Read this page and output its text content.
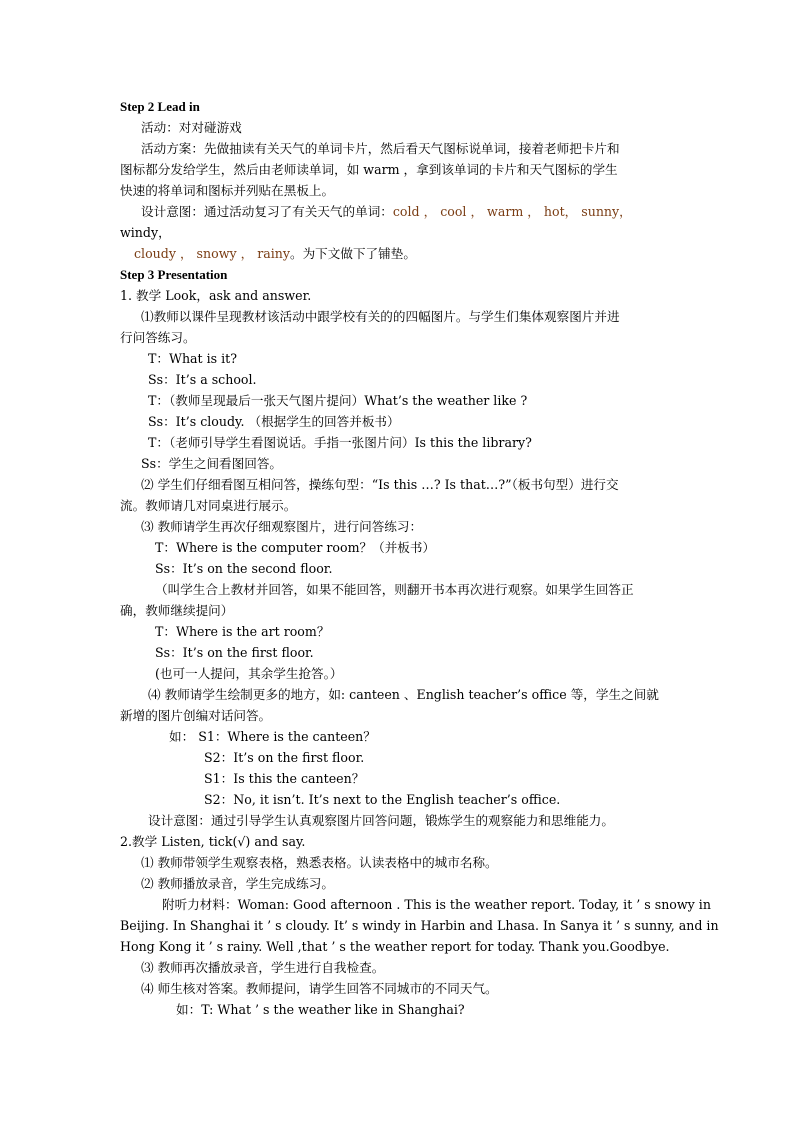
Step 2 Lead in

活动：对对碰游戏

活动方案：先做抽读有关天气的单词卡片，然后看天气图标说单词，接着老师把卡片和

图标都分发给学生，然后由老师读单词，如 warm ，拿到该单词的卡片和天气图标的学生

快速的将单词和图标并列贴在黑板上。

设计意图：通过活动复习了有关天气的单词：cold ， cool ， warm ， hot， sunny，

windy，

cloudy ， snowy ， rainy。为下文做下了铺垫。

Step 3 Presentation

1. 教学 Look，ask and answer.

⑴教师以课件呈现教材该活动中跟学校有关的的四幅图片。与学生们集体观察图片并进

行问答练习。

T：What is it?

Ss：It’s a school.

T：（教师呈现最后一张天气图片提问）What’s the weather like ?

Ss：It’s cloudy. （根据学生的回答并板书）

T：（老师引导学生看图说话。手指一张图片问）Is this the library?

Ss：学生之间看图回答。

⑵ 学生们仔细看图互相问答，操练句型：“Is this …? Is that…?”（板书句型）进行交

流。教师请几对同桌进行展示。

⑶ 教师请学生再次仔细观察图片，进行问答练习：

T：Where is the computer room？（并板书）

Ss：It’s on the second floor.

（叫学生合上教材并回答，如果不能回答，则翻开书本再次进行观察。如果学生回答正

确，教师继续提问）

T：Where is the art room？

Ss：It’s on the first floor.

(也可一人提问，其余学生抢答。）

⑷ 教师请学生绘制更多的地方，如: canteen 、English teacher’s office 等，学生之间就

新增的图片创编对话问答。

如： S1：Where is the canteen？

S2：It’s on the first floor.

S1：Is this the canteen？

S2：No, it isn’t. It’s next to the English teacher’s office.

设计意图：通过引导学生认真观察图片回答问题，锻炼学生的观察能力和思维能力。

2.教学 Listen, tick(√) and say.

⑴ 教师带领学生观察表格，熟悉表格。认读表格中的城市名称。

⑵ 教师播放录音，学生完成练习。

附听力材料：Woman: Good afternoon . This is the weather report. Today, it ’ s snowy in

Beijing. In Shanghai it ’ s cloudy. It’ s windy in Harbin and Lhasa. In Sanya it ’ s sunny, and in

Hong Kong it ’ s rainy. Well ,that ’ s the weather report for today. Thank you.Goodbye.

⑶ 教师再次播放录音，学生进行自我检查。

⑷ 师生核对答案。教师提问，请学生回答不同城市的不同天气。

如：T: What ’ s the weather like in Shanghai?
